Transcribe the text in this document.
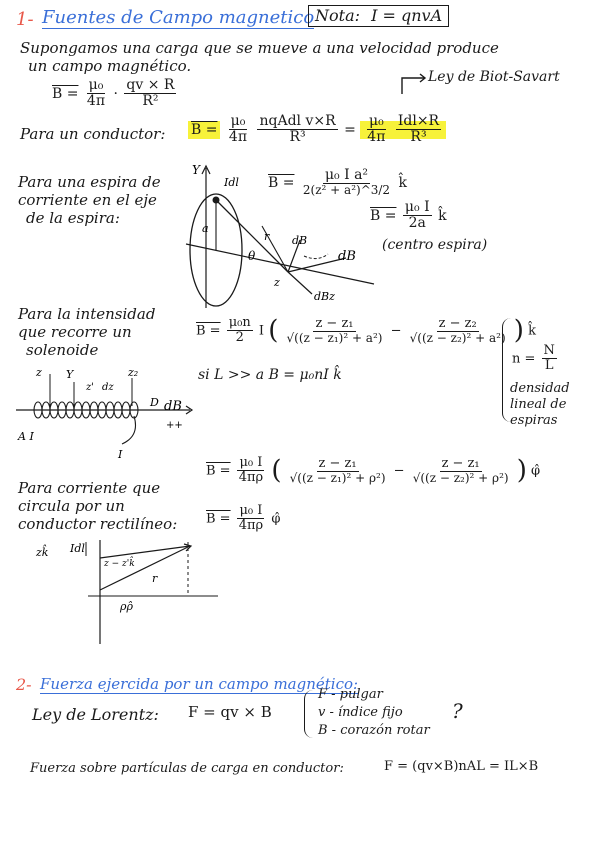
1- Fuentes de Campo magnetico Nota: I = qnvA
Supongamos una carga que se mueve a una velocidad produce
un campo magnético.
$B = \frac{\text{μ₀}}{4\pi} \cdot \frac{qv \times R}{\text{R²}}$
Ley de Biot-Savart
Para un conductor: $B = \frac{\text{μ₀}}{4\pi}$
$\frac{\text{nqAdl v×R}}{\text{R³}} = \frac{\text{μ₀}}{4\pi}$
$\frac{\text{Idl×R}}{\text{R³}}$
Para una espira de
corriente en el eje
de la espira:
Y
Idl
a
θ
r dB
dB
dBz
z
$B = \frac{\text{μ₀ I a²}}{\text{2(z² + a²)\textasciicircum{}3/2}}$ k̂
$B = \frac{\text{μ₀ I}}{2a}$ k̂
(centro espira)
Para la intensidad
que recorre un
solenoide
$B = \frac{\text{μ₀n}}{2}$ I ( $\frac{\text{z − z₁}}{\text{√((z − z₁)² + a²)}} - \frac{\text{z − z₂}}{\text{√((z − z₂)² + a²)}}$ ) k̂
si L >> a B = μ₀nI k̂
$n = \frac{N}{L}$
densidad
lineal de
espiras
z Y
z' dz
z₂
D dB
++
A I
I
Para corriente que
circula por un
conductor rectilíneo:
$B = \frac{\text{μ₀ I}}{4\pi\rho}$ ( $\frac{\text{z − z₁}}{\text{√((z − z₁)² + ρ²)}} - \frac{\text{z − z₁}}{\text{√((z − z₂)² + ρ²)}}$ ) φ̂
$B = \frac{\text{μ₀ I}}{4\pi\rho}$ φ̂
zk̂ Idl
z − z'k̂
r
ρρ̂
2- Fuerza ejercida por un campo magnético:
Ley de Lorentz: F = qv × B
F - pulgar
v - índice fijo
B - corazón rotar
?
Fuerza sobre partículas de carga en conductor:	F = (qv×B)nAL = IL×B
